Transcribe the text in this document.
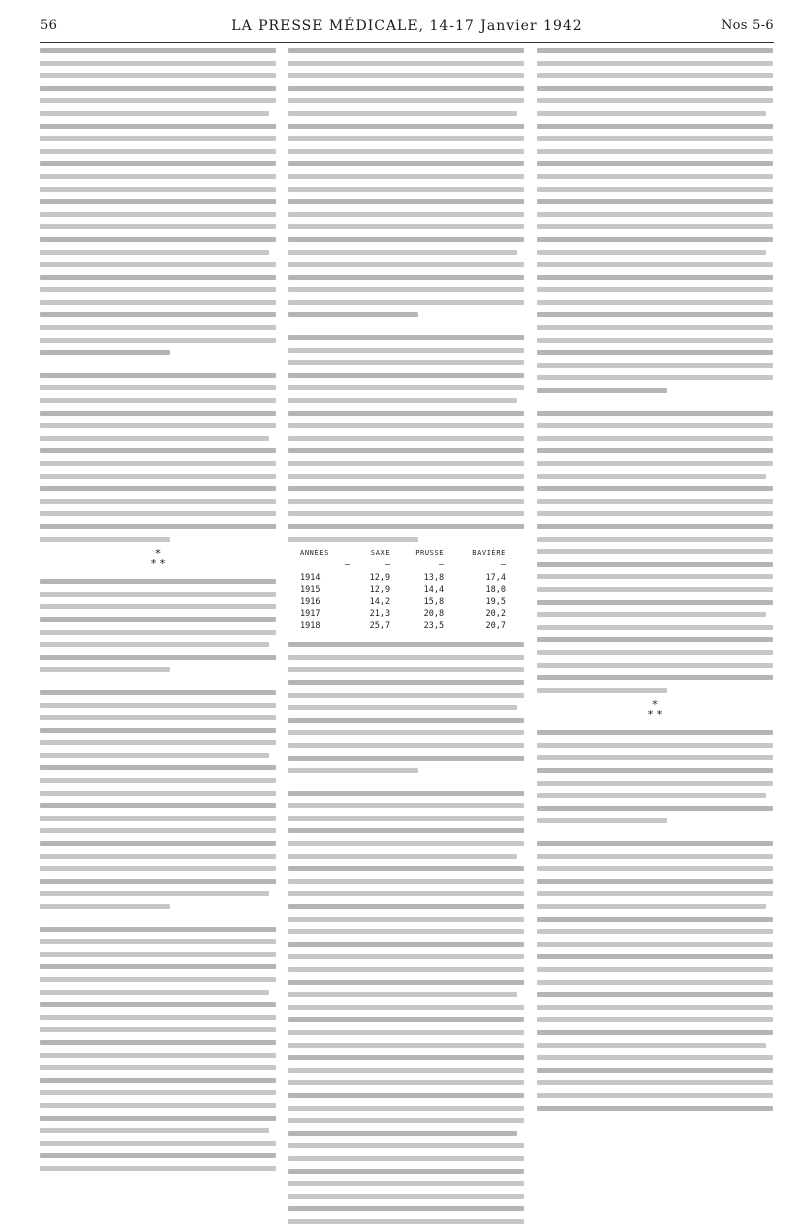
56	LA PRESSE MÉDICALE, 14-17 Janvier 1942	Nos 5-6
*
* *
ANNÉES	SAXE	PRUSSE	BAVIÈRE
—	—	—	—
1914	12,9	13,8	17,4
1915	12,9	14,4	18,0
1916	14,2	15,8	19,5
1917	21,3	20,8	20,2
1918	25,7	23,5	20,7
*
* *
